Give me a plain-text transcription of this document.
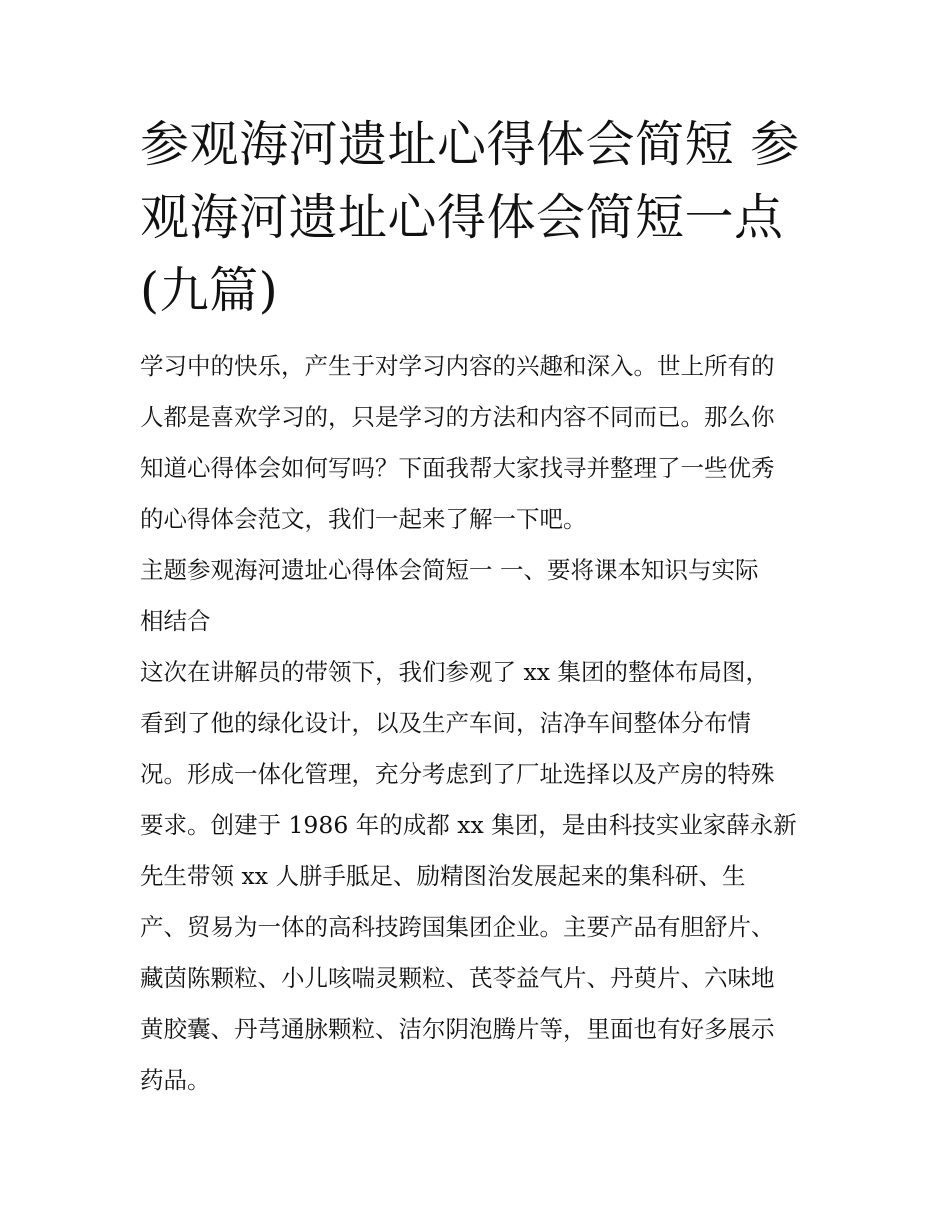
参观海河遗址心得体会简短 参
观海河遗址心得体会简短一点
(九篇)

学习中的快乐，产生于对学习内容的兴趣和深入。世上所有的
人都是喜欢学习的，只是学习的方法和内容不同而已。那么你
知道心得体会如何写吗？下面我帮大家找寻并整理了一些优秀
的心得体会范文，我们一起来了解一下吧。

主题参观海河遗址心得体会简短一 一、要将课本知识与实际
相结合

这次在讲解员的带领下，我们参观了 xx 集团的整体布局图，
看到了他的绿化设计，以及生产车间，洁净车间整体分布情
况。形成一体化管理，充分考虑到了厂址选择以及产房的特殊
要求。创建于 1986 年的成都 xx 集团，是由科技实业家薛永新
先生带领 xx 人胼手胝足、励精图治发展起来的集科研、生
产、贸易为一体的高科技跨国集团企业。主要产品有胆舒片、
藏茵陈颗粒、小儿咳喘灵颗粒、芪苓益气片、丹萸片、六味地
黄胶囊、丹芎通脉颗粒、洁尔阴泡腾片等，里面也有好多展示
药品。
